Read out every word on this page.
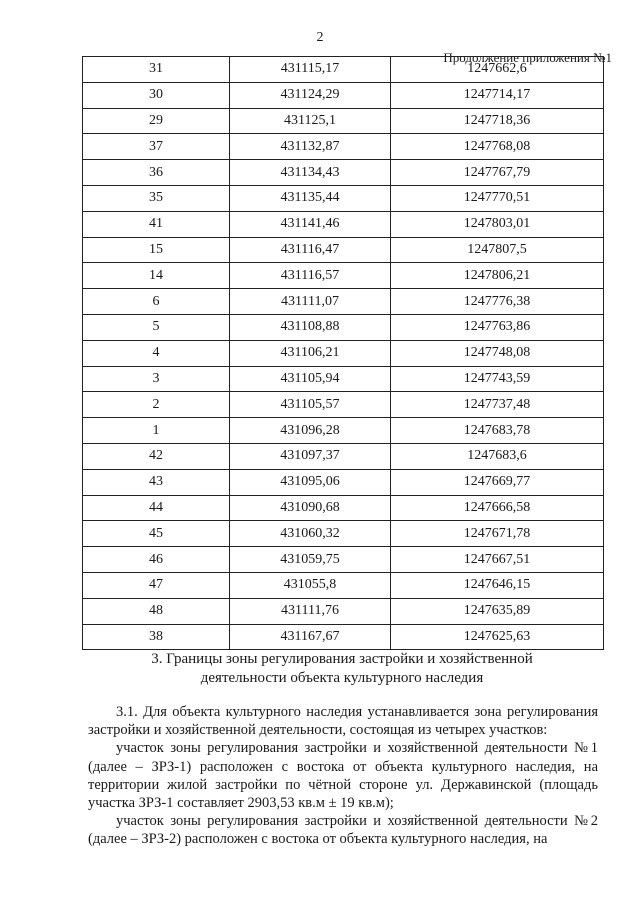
2
Продолжение приложения №1
31	431115,17	1247662,6
30	431124,29	1247714,17
29	431125,1	1247718,36
37	431132,87	1247768,08
36	431134,43	1247767,79
35	431135,44	1247770,51
41	431141,46	1247803,01
15	431116,47	1247807,5
14	431116,57	1247806,21
6	431111,07	1247776,38
5	431108,88	1247763,86
4	431106,21	1247748,08
3	431105,94	1247743,59
2	431105,57	1247737,48
1	431096,28	1247683,78
42	431097,37	1247683,6
43	431095,06	1247669,77
44	431090,68	1247666,58
45	431060,32	1247671,78
46	431059,75	1247667,51
47	431055,8	1247646,15
48	431111,76	1247635,89
38	431167,67	1247625,63
3. Границы зоны регулирования застройки и хозяйственной
деятельности объекта культурного наследия

3.1. Для объекта культурного наследия устанавливается зона регулирования застройки и хозяйственной деятельности, состоящая из четырех участков:

участок зоны регулирования застройки и хозяйственной деятельности №1 (далее – ЗРЗ-1) расположен с востока от объекта культурного наследия, на территории жилой застройки по чётной стороне ул. Державинской (площадь участка ЗРЗ-1 составляет 2903,53 кв.м ± 19 кв.м);

участок зоны регулирования застройки и хозяйственной деятельности №2 (далее – ЗРЗ-2) расположен с востока от объекта культурного наследия, на
